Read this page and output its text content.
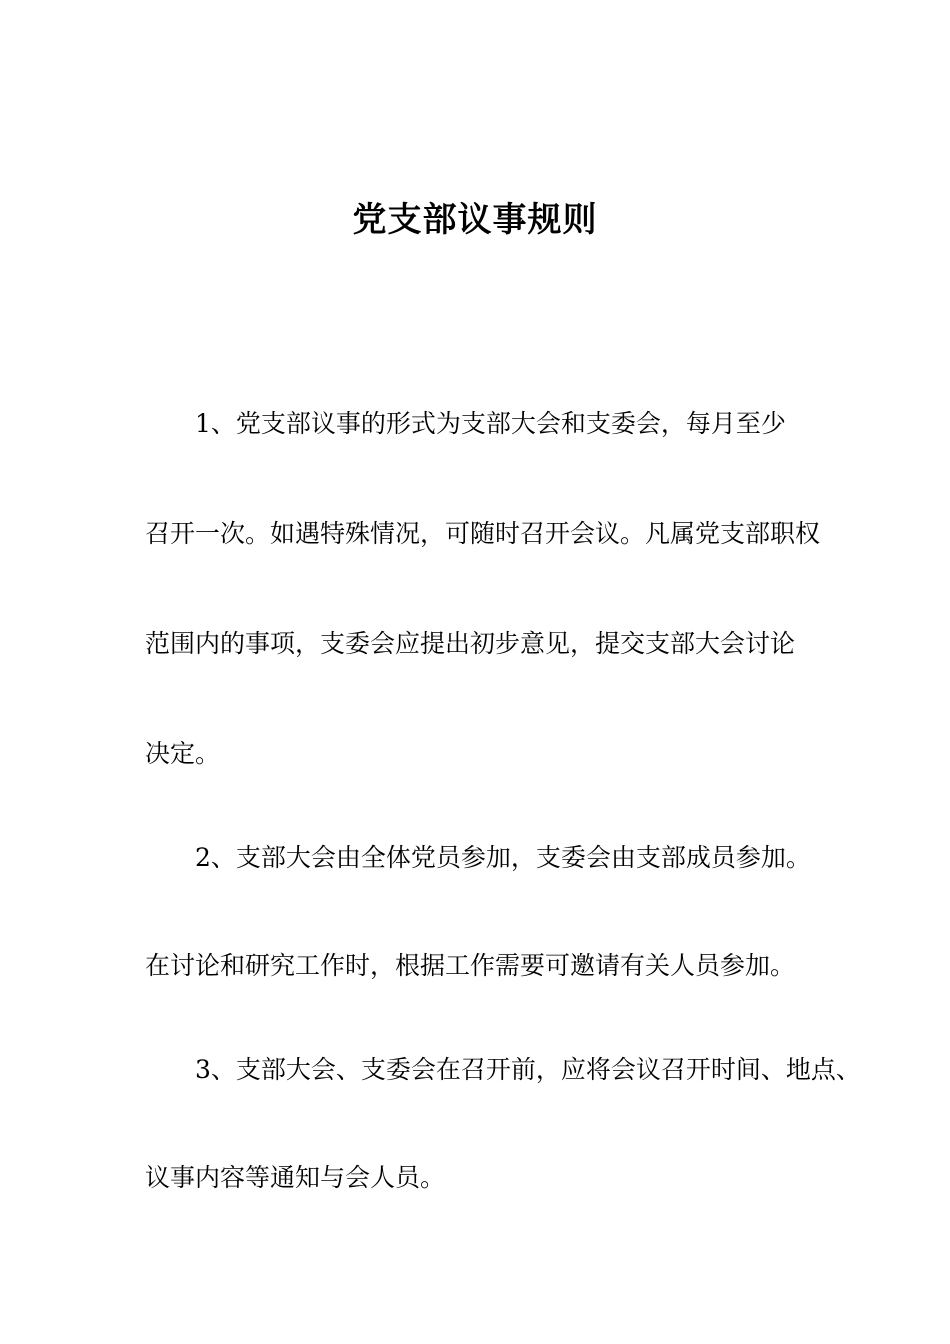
党支部议事规则
1、党支部议事的形式为支部大会和支委会，每月至少
召开一次。如遇特殊情况，可随时召开会议。凡属党支部职权
范围内的事项，支委会应提出初步意见，提交支部大会讨论
决定。
2、支部大会由全体党员参加，支委会由支部成员参加。
在讨论和研究工作时，根据工作需要可邀请有关人员参加。
3、支部大会、支委会在召开前，应将会议召开时间、地点、
议事内容等通知与会人员。
